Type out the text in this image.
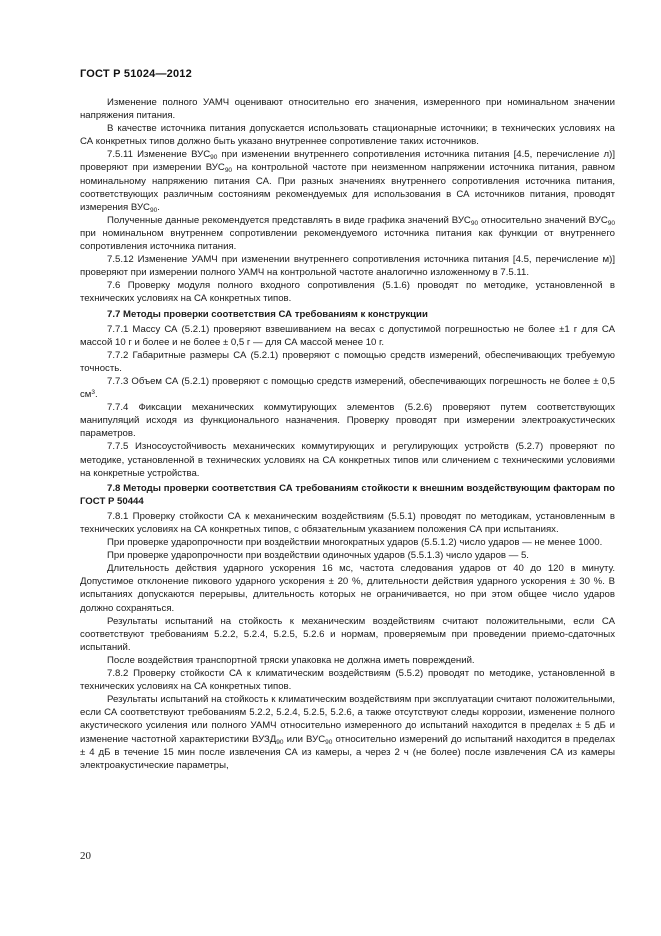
ГОСТ Р 51024—2012

Изменение полного УАМЧ оценивают относительно его значения, измеренного при номинальном значении напряжения питания.

В качестве источника питания допускается использовать стационарные источники; в технических условиях на СА конкретных типов должно быть указано внутреннее сопротивление таких источников.

7.5.11 Изменение $ВУС_{90}$ при изменении внутреннего сопротивления источника питания [4.5, перечисление л)] проверяют при измерении $ВУС_{90}$ на контрольной частоте при неизменном напряжении источника питания, равном номинальному напряжению питания СА. При разных значениях внутреннего сопротивления источника питания, соответствующих различным состояниям рекомендуемых для использования в СА источников питания, проводят измерения $ВУС_{90}$.

Полученные данные рекомендуется представлять в виде графика значений $ВУС_{90}$ относительно значений $ВУС_{90}$ при номинальном внутреннем сопротивлении рекомендуемого источника питания как функции от внутреннего сопротивления источника питания.

7.5.12 Изменение УАМЧ при изменении внутреннего сопротивления источника питания [4.5, перечисление м)] проверяют при измерении полного УАМЧ на контрольной частоте аналогично изложенному в 7.5.11.

7.6 Проверку модуля полного входного сопротивления (5.1.6) проводят по методике, установленной в технических условиях на СА конкретных типов.

7.7 Методы проверки соответствия СА требованиям к конструкции

7.7.1 Массу СА (5.2.1) проверяют взвешиванием на весах с допустимой погрешностью не более ±1 г для СА массой 10 г и более и не более ± 0,5 г — для СА массой менее 10 г.

7.7.2 Габаритные размеры СА (5.2.1) проверяют с помощью средств измерений, обеспечивающих требуемую точность.

7.7.3 Объем СА (5.2.1) проверяют с помощью средств измерений, обеспечивающих погрешность не более ± 0,5 $см^3$.

7.7.4 Фиксации механических коммутирующих элементов (5.2.6) проверяют путем соответствующих манипуляций исходя из функционального назначения. Проверку проводят при измерении электроакустических параметров.

7.7.5 Износоустойчивость механических коммутирующих и регулирующих устройств (5.2.7) проверяют по методике, установленной в технических условиях на СА конкретных типов или сличением с техническими условиями на конкретные устройства.

7.8 Методы проверки соответствия СА требованиям стойкости к внешним воздействующим факторам по ГОСТ Р 50444

7.8.1 Проверку стойкости СА к механическим воздействиям (5.5.1) проводят по методикам, установленным в технических условиях на СА конкретных типов, с обязательным указанием положения СА при испытаниях.

При проверке ударопрочности при воздействии многократных ударов (5.5.1.2) число ударов — не менее 1000.

При проверке ударопрочности при воздействии одиночных ударов (5.5.1.3) число ударов — 5.

Длительность действия ударного ускорения 16 мс, частота следования ударов от 40 до 120 в минуту. Допустимое отклонение пикового ударного ускорения ± 20 %, длительности действия ударного ускорения ± 30 %. В испытаниях допускаются перерывы, длительность которых не ограничивается, но при этом общее число ударов должно сохраняться.

Результаты испытаний на стойкость к механическим воздействиям считают положительными, если СА соответствуют требованиям 5.2.2, 5.2.4, 5.2.5, 5.2.6 и нормам, проверяемым при проведении приемо-сдаточных испытаний.

После воздействия транспортной тряски упаковка не должна иметь повреждений.

7.8.2 Проверку стойкости СА к климатическим воздействиям (5.5.2) проводят по методике, установленной в технических условиях на СА конкретных типов.

Результаты испытаний на стойкость к климатическим воздействиям при эксплуатации считают положительными, если СА соответствуют требованиям 5.2.2, 5.2.4, 5.2.5, 5.2.6, а также отсутствуют следы коррозии, изменение полного акустического усиления или полного УАМЧ относительно измеренного до испытаний находится в пределах ± 5 дБ и изменение частотной характеристики $ВУЗД_{90}$ или $ВУС_{90}$ относительно измерений до испытаний находится в пределах ± 4 дБ в течение 15 мин после извлечения СА из камеры, а через 2 ч (не более) после извлечения СА из камеры электроакустические параметры,

20
